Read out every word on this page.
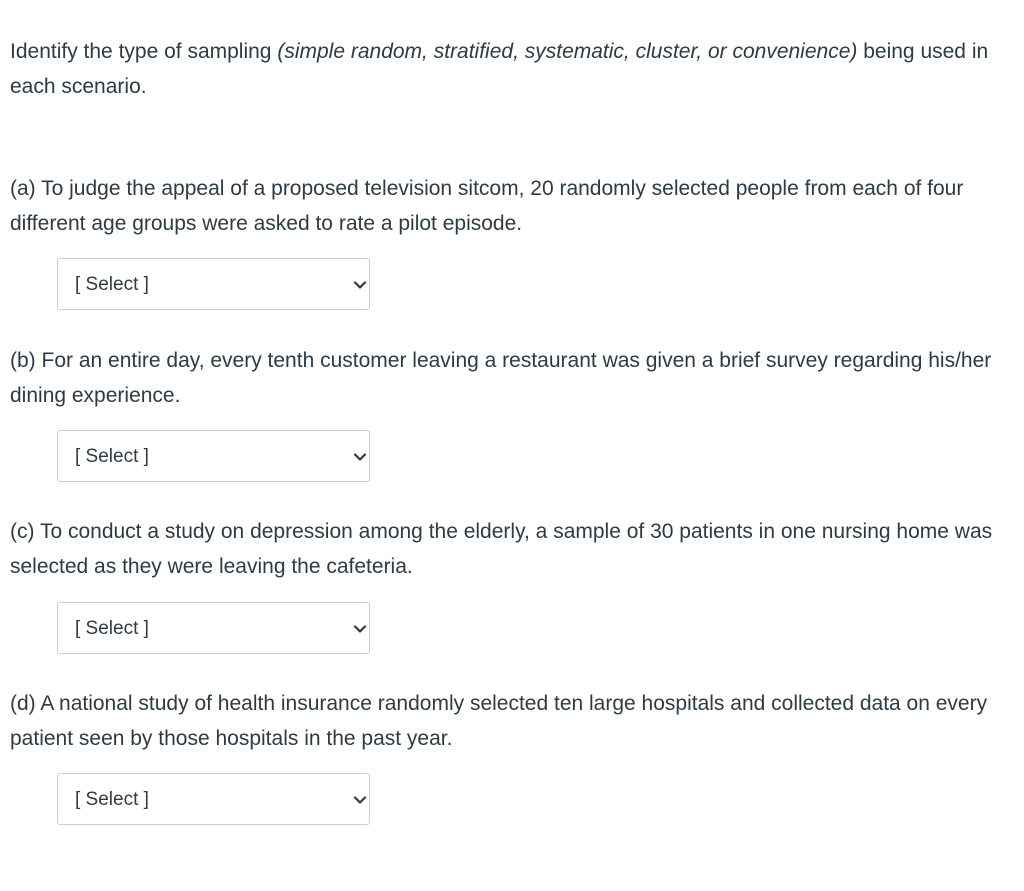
Identify the type of sampling (simple random, stratified, systematic, cluster, or convenience) being used in each scenario.

(a) To judge the appeal of a proposed television sitcom, 20 randomly selected people from each of four different age groups were asked to rate a pilot episode.

[ Select ]

(b) For an entire day, every tenth customer leaving a restaurant was given a brief survey regarding his/her dining experience.

[ Select ]

(c) To conduct a study on depression among the elderly, a sample of 30 patients in one nursing home was selected as they were leaving the cafeteria.

[ Select ]

(d) A national study of health insurance randomly selected ten large hospitals and collected data on every patient seen by those hospitals in the past year.

[ Select ]
